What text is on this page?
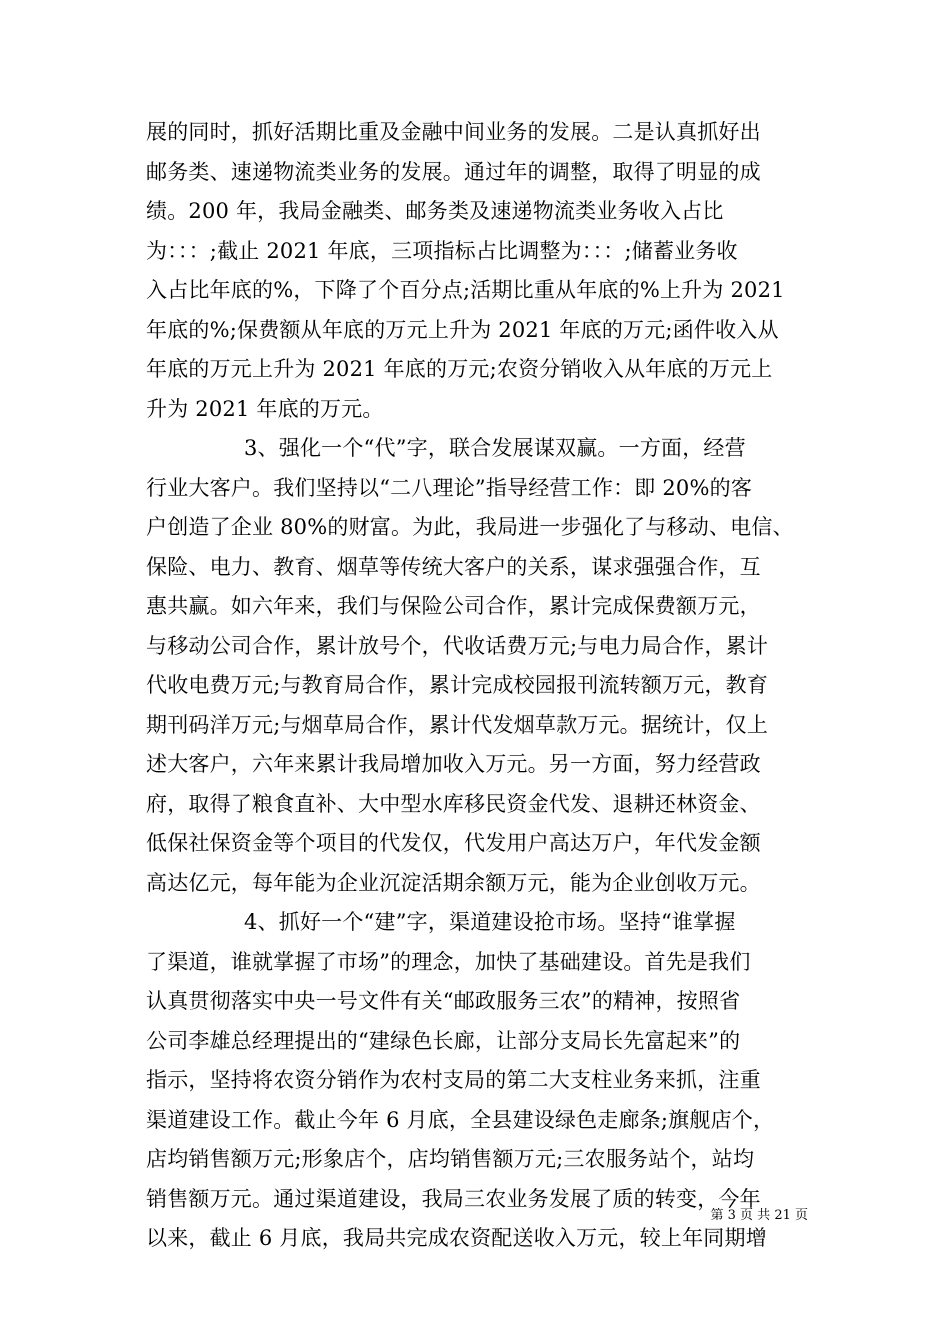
展的同时，抓好活期比重及金融中间业务的发展。二是认真抓好出
邮务类、速递物流类业务的发展。通过年的调整，取得了明显的成
绩。200 年，我局金融类、邮务类及速递物流类业务收入占比
为：：：;截止 2021 年底，三项指标占比调整为：：：;储蓄业务收
入占比年底的%，下降了个百分点;活期比重从年底的%上升为 2021
年底的%;保费额从年底的万元上升为 2021 年底的万元;函件收入从
年底的万元上升为 2021 年底的万元;农资分销收入从年底的万元上
升为 2021 年底的万元。
3、强化一个“代”字，联合发展谋双赢。一方面，经营
行业大客户。我们坚持以“二八理论”指导经营工作：即 20%的客
户创造了企业 80%的财富。为此，我局进一步强化了与移动、电信、
保险、电力、教育、烟草等传统大客户的关系，谋求强强合作，互
惠共赢。如六年来，我们与保险公司合作，累计完成保费额万元，
与移动公司合作，累计放号个，代收话费万元;与电力局合作，累计
代收电费万元;与教育局合作，累计完成校园报刊流转额万元，教育
期刊码洋万元;与烟草局合作，累计代发烟草款万元。据统计，仅上
述大客户，六年来累计我局增加收入万元。另一方面，努力经营政
府，取得了粮食直补、大中型水库移民资金代发、退耕还林资金、
低保社保资金等个项目的代发仅，代发用户高达万户，年代发金额
高达亿元，每年能为企业沉淀活期余额万元，能为企业创收万元。
4、抓好一个“建”字，渠道建设抢市场。坚持“谁掌握
了渠道，谁就掌握了市场”的理念，加快了基础建设。首先是我们
认真贯彻落实中央一号文件有关“邮政服务三农”的精神，按照省
公司李雄总经理提出的“建绿色长廊，让部分支局长先富起来”的
指示，坚持将农资分销作为农村支局的第二大支柱业务来抓，注重
渠道建设工作。截止今年 6 月底，全县建设绿色走廊条;旗舰店个，
店均销售额万元;形象店个，店均销售额万元;三农服务站个，站均
销售额万元。通过渠道建设，我局三农业务发展了质的转变，今年
以来，截止 6 月底，我局共完成农资配送收入万元，较上年同期增
第 3 页 共 21 页
